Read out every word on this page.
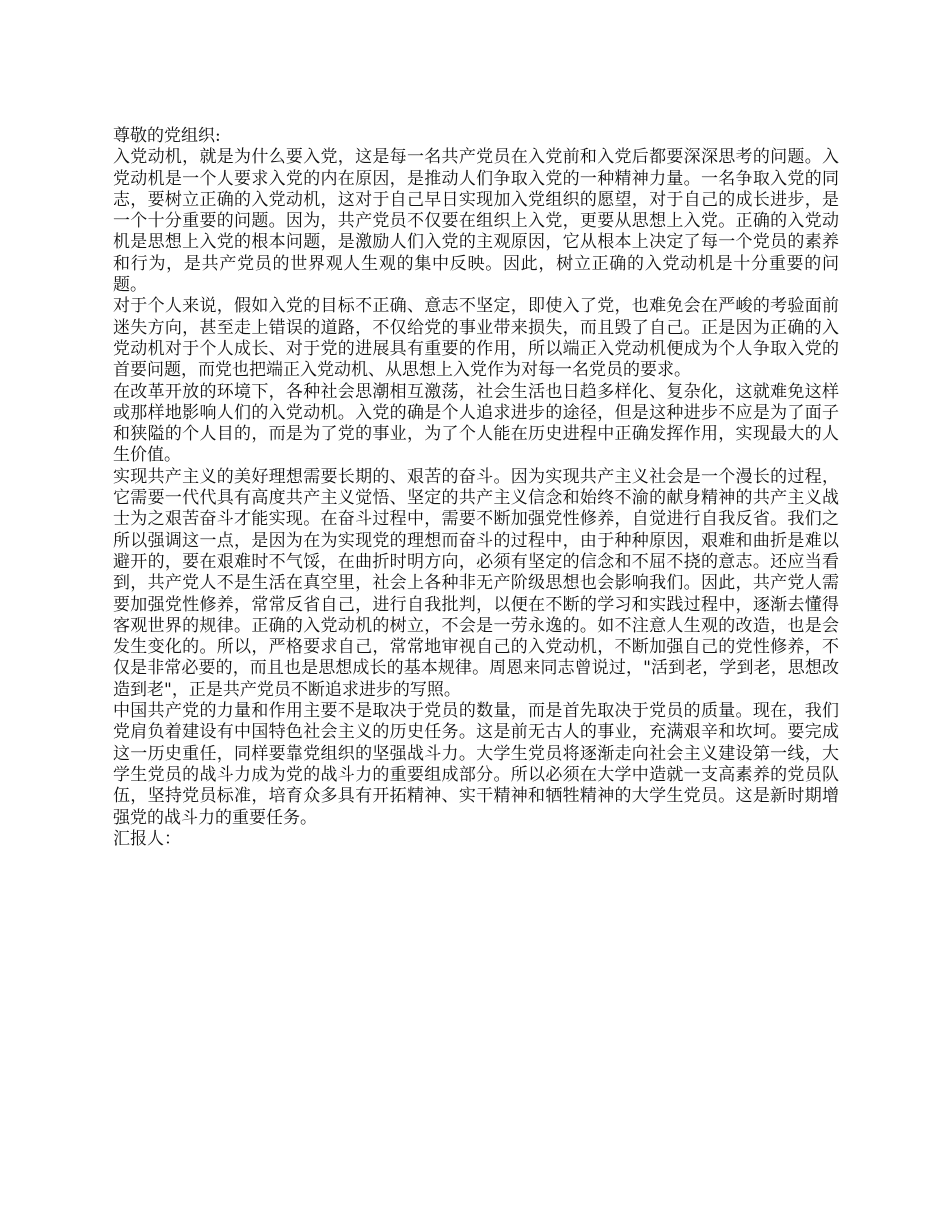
尊敬的党组织:

入党动机，就是为什么要入党，这是每一名共产党员在入党前和入党后都要深深思考的问题。入党动机是一个人要求入党的内在原因，是推动人们争取入党的一种精神力量。一名争取入党的同志，要树立正确的入党动机，这对于自己早日实现加入党组织的愿望，对于自己的成长进步，是一个十分重要的问题。因为，共产党员不仅要在组织上入党，更要从思想上入党。正确的入党动机是思想上入党的根本问题，是激励人们入党的主观原因，它从根本上决定了每一个党员的素养和行为，是共产党员的世界观人生观的集中反映。因此，树立正确的入党动机是十分重要的问题。

对于个人来说，假如入党的目标不正确、意志不坚定，即使入了党，也难免会在严峻的考验面前迷失方向，甚至走上错误的道路，不仅给党的事业带来损失，而且毁了自己。正是因为正确的入党动机对于个人成长、对于党的进展具有重要的作用，所以端正入党动机便成为个人争取入党的首要问题，而党也把端正入党动机、从思想上入党作为对每一名党员的要求。

在改革开放的环境下，各种社会思潮相互激荡，社会生活也日趋多样化、复杂化，这就难免这样或那样地影响人们的入党动机。入党的确是个人追求进步的途径，但是这种进步不应是为了面子和狭隘的个人目的，而是为了党的事业，为了个人能在历史进程中正确发挥作用，实现最大的人生价值。

实现共产主义的美好理想需要长期的、艰苦的奋斗。因为实现共产主义社会是一个漫长的过程，它需要一代代具有高度共产主义觉悟、坚定的共产主义信念和始终不渝的献身精神的共产主义战士为之艰苦奋斗才能实现。在奋斗过程中，需要不断加强党性修养，自觉进行自我反省。我们之所以强调这一点，是因为在为实现党的理想而奋斗的过程中，由于种种原因，艰难和曲折是难以避开的，要在艰难时不气馁，在曲折时明方向，必须有坚定的信念和不屈不挠的意志。还应当看到，共产党人不是生活在真空里，社会上各种非无产阶级思想也会影响我们。因此，共产党人需要加强党性修养，常常反省自己，进行自我批判，以便在不断的学习和实践过程中，逐渐去懂得客观世界的规律。正确的入党动机的树立，不会是一劳永逸的。如不注意人生观的改造，也是会发生变化的。所以，严格要求自己，常常地审视自己的入党动机，不断加强自己的党性修养，不仅是非常必要的，而且也是思想成长的基本规律。周恩来同志曾说过，"活到老，学到老，思想改造到老"，正是共产党员不断追求进步的写照。

中国共产党的力量和作用主要不是取决于党员的数量，而是首先取决于党员的质量。现在，我们党肩负着建设有中国特色社会主义的历史任务。这是前无古人的事业，充满艰辛和坎坷。要完成这一历史重任，同样要靠党组织的坚强战斗力。大学生党员将逐渐走向社会主义建设第一线，大学生党员的战斗力成为党的战斗力的重要组成部分。所以必须在大学中造就一支高素养的党员队伍，坚持党员标准，培育众多具有开拓精神、实干精神和牺牲精神的大学生党员。这是新时期增强党的战斗力的重要任务。

汇报人：
